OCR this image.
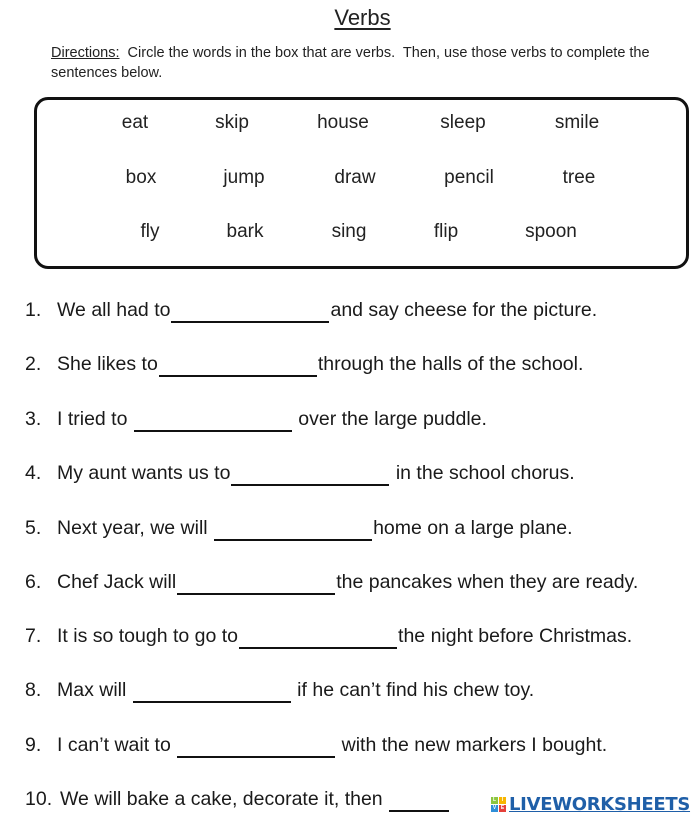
Verbs
Directions:  Circle the words in the box that are verbs.  Then, use those verbs to complete the sentences below.
eat	skip	house	sleep	smile
box	jump	draw	pencil	tree
fly	bark	sing	flip	spoon
1. We all had to	and say cheese for the picture.
2. She likes to	through the halls of the school.
3. I tried to	over the large puddle.
4. My aunt wants us to	in the school chorus.
5. Next year, we will	home on a large plane.
6. Chef Jack will	the pancakes when they are ready.
7. It is so tough to go to	the night before Christmas.
8. Max will	if he can’t find his chew toy.
9. I can’t wait to	with the new markers I bought.
10. We will bake a cake, decorate it, then	L	I
V E LIVEWORKSHEETS
